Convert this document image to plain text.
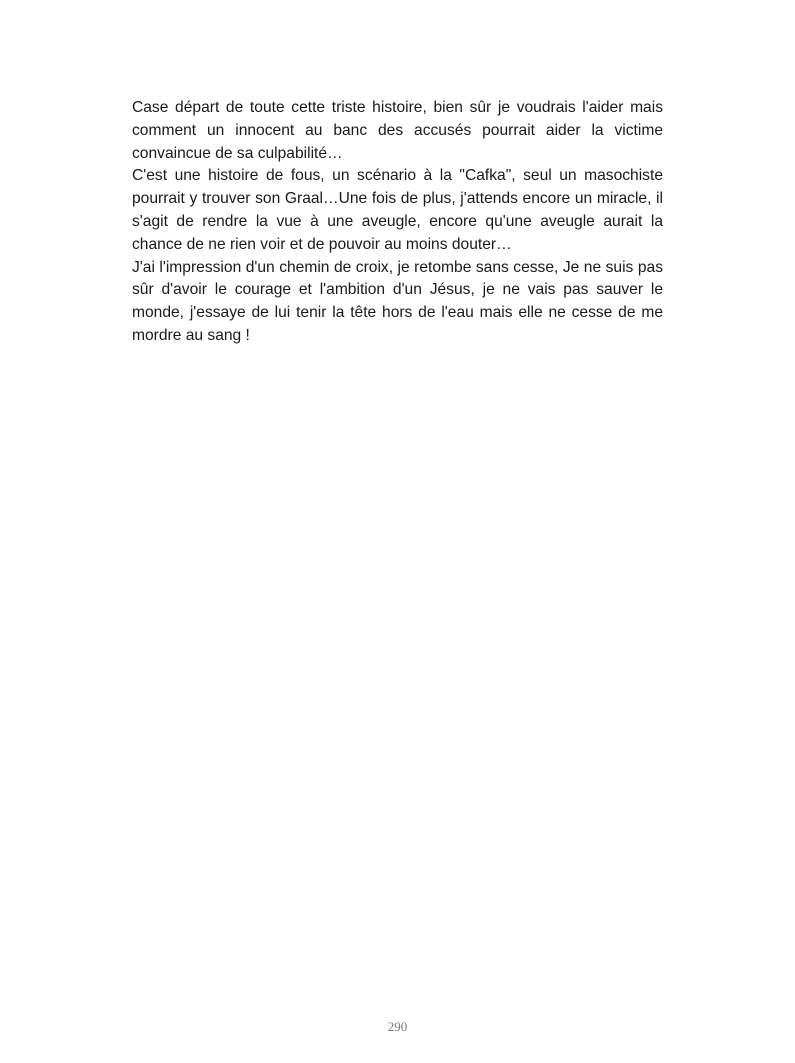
Case départ de toute cette triste histoire, bien sûr je voudrais l'aider mais comment un innocent au banc des accusés pourrait aider la victime convaincue de sa culpabilité…

C'est une histoire de fous, un scénario à la "Cafka", seul un masochiste pourrait y trouver son Graal…Une fois de plus, j'attends encore un miracle, il s'agit de rendre la vue à une aveugle, encore qu'une aveugle aurait la chance de ne rien voir et de pouvoir au moins douter…

J'ai l'impression d'un chemin de croix, je retombe sans cesse, Je ne suis pas sûr d'avoir le courage et l'ambition d'un Jésus, je ne vais pas sauver le monde, j'essaye de lui tenir la tête hors de l'eau mais elle ne cesse de me mordre au sang !

290
